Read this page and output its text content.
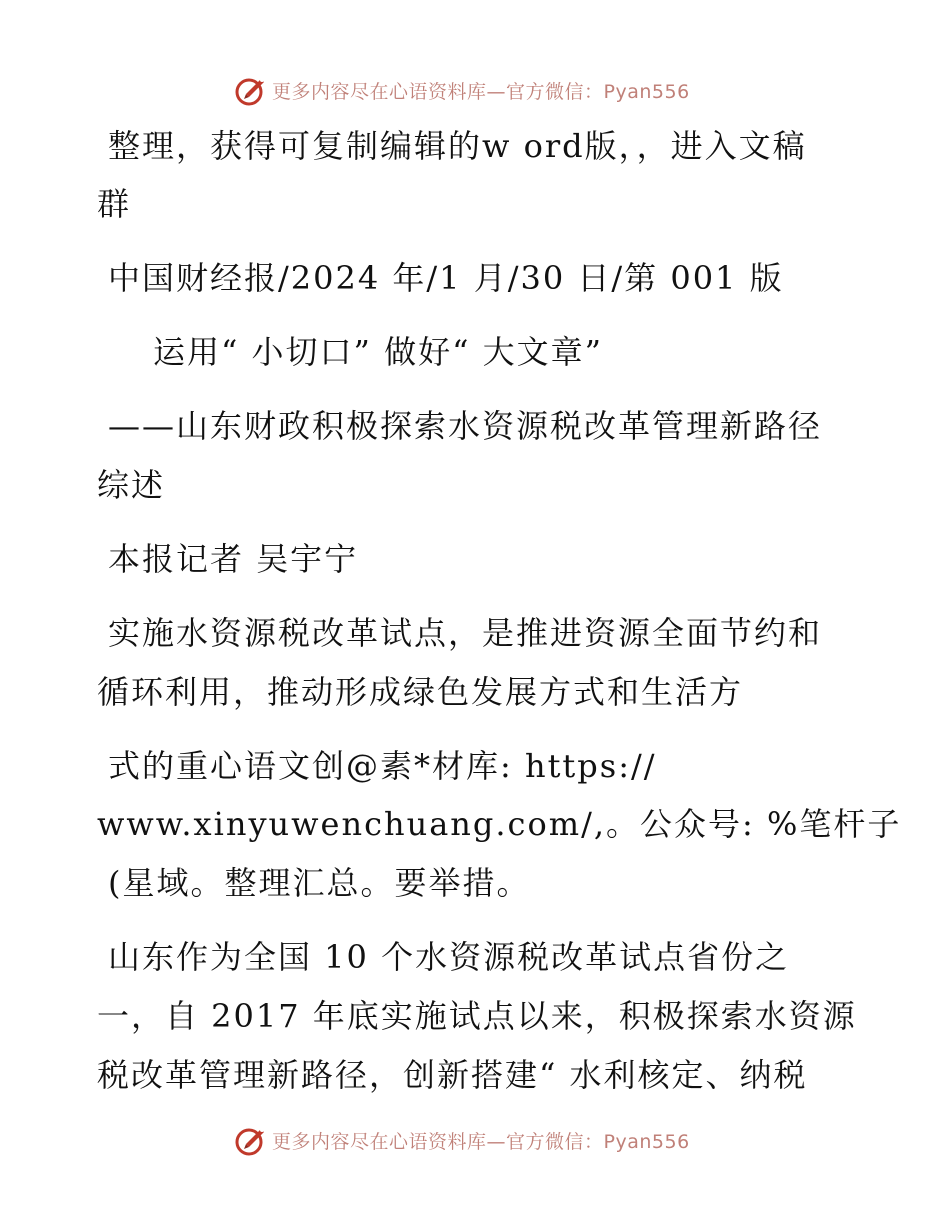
更多内容尽在心语资料库—官方微信：Pyan556
整理，获得可复制编辑的w ord版，，进入文稿
群
中国财经报/2024 年/1 月/30 日/第 001 版
运用“ 小切口” 做好“ 大文章”
——山东财政积极探索水资源税改革管理新路径
综述
本报记者 吴宇宁
实施水资源税改革试点，是推进资源全面节约和
循环利用，推动形成绿色发展方式和生活方
式的重心语文创@素*材库: https://
www.xinyuwenchuang.com/,。公众号: %笔杆子
(星域。整理汇总。要举措。
山东作为全国 10 个水资源税改革试点省份之
一，自 2017 年底实施试点以来，积极探索水资源
税改革管理新路径，创新搭建“ 水利核定、纳税
更多内容尽在心语资料库—官方微信：Pyan556
